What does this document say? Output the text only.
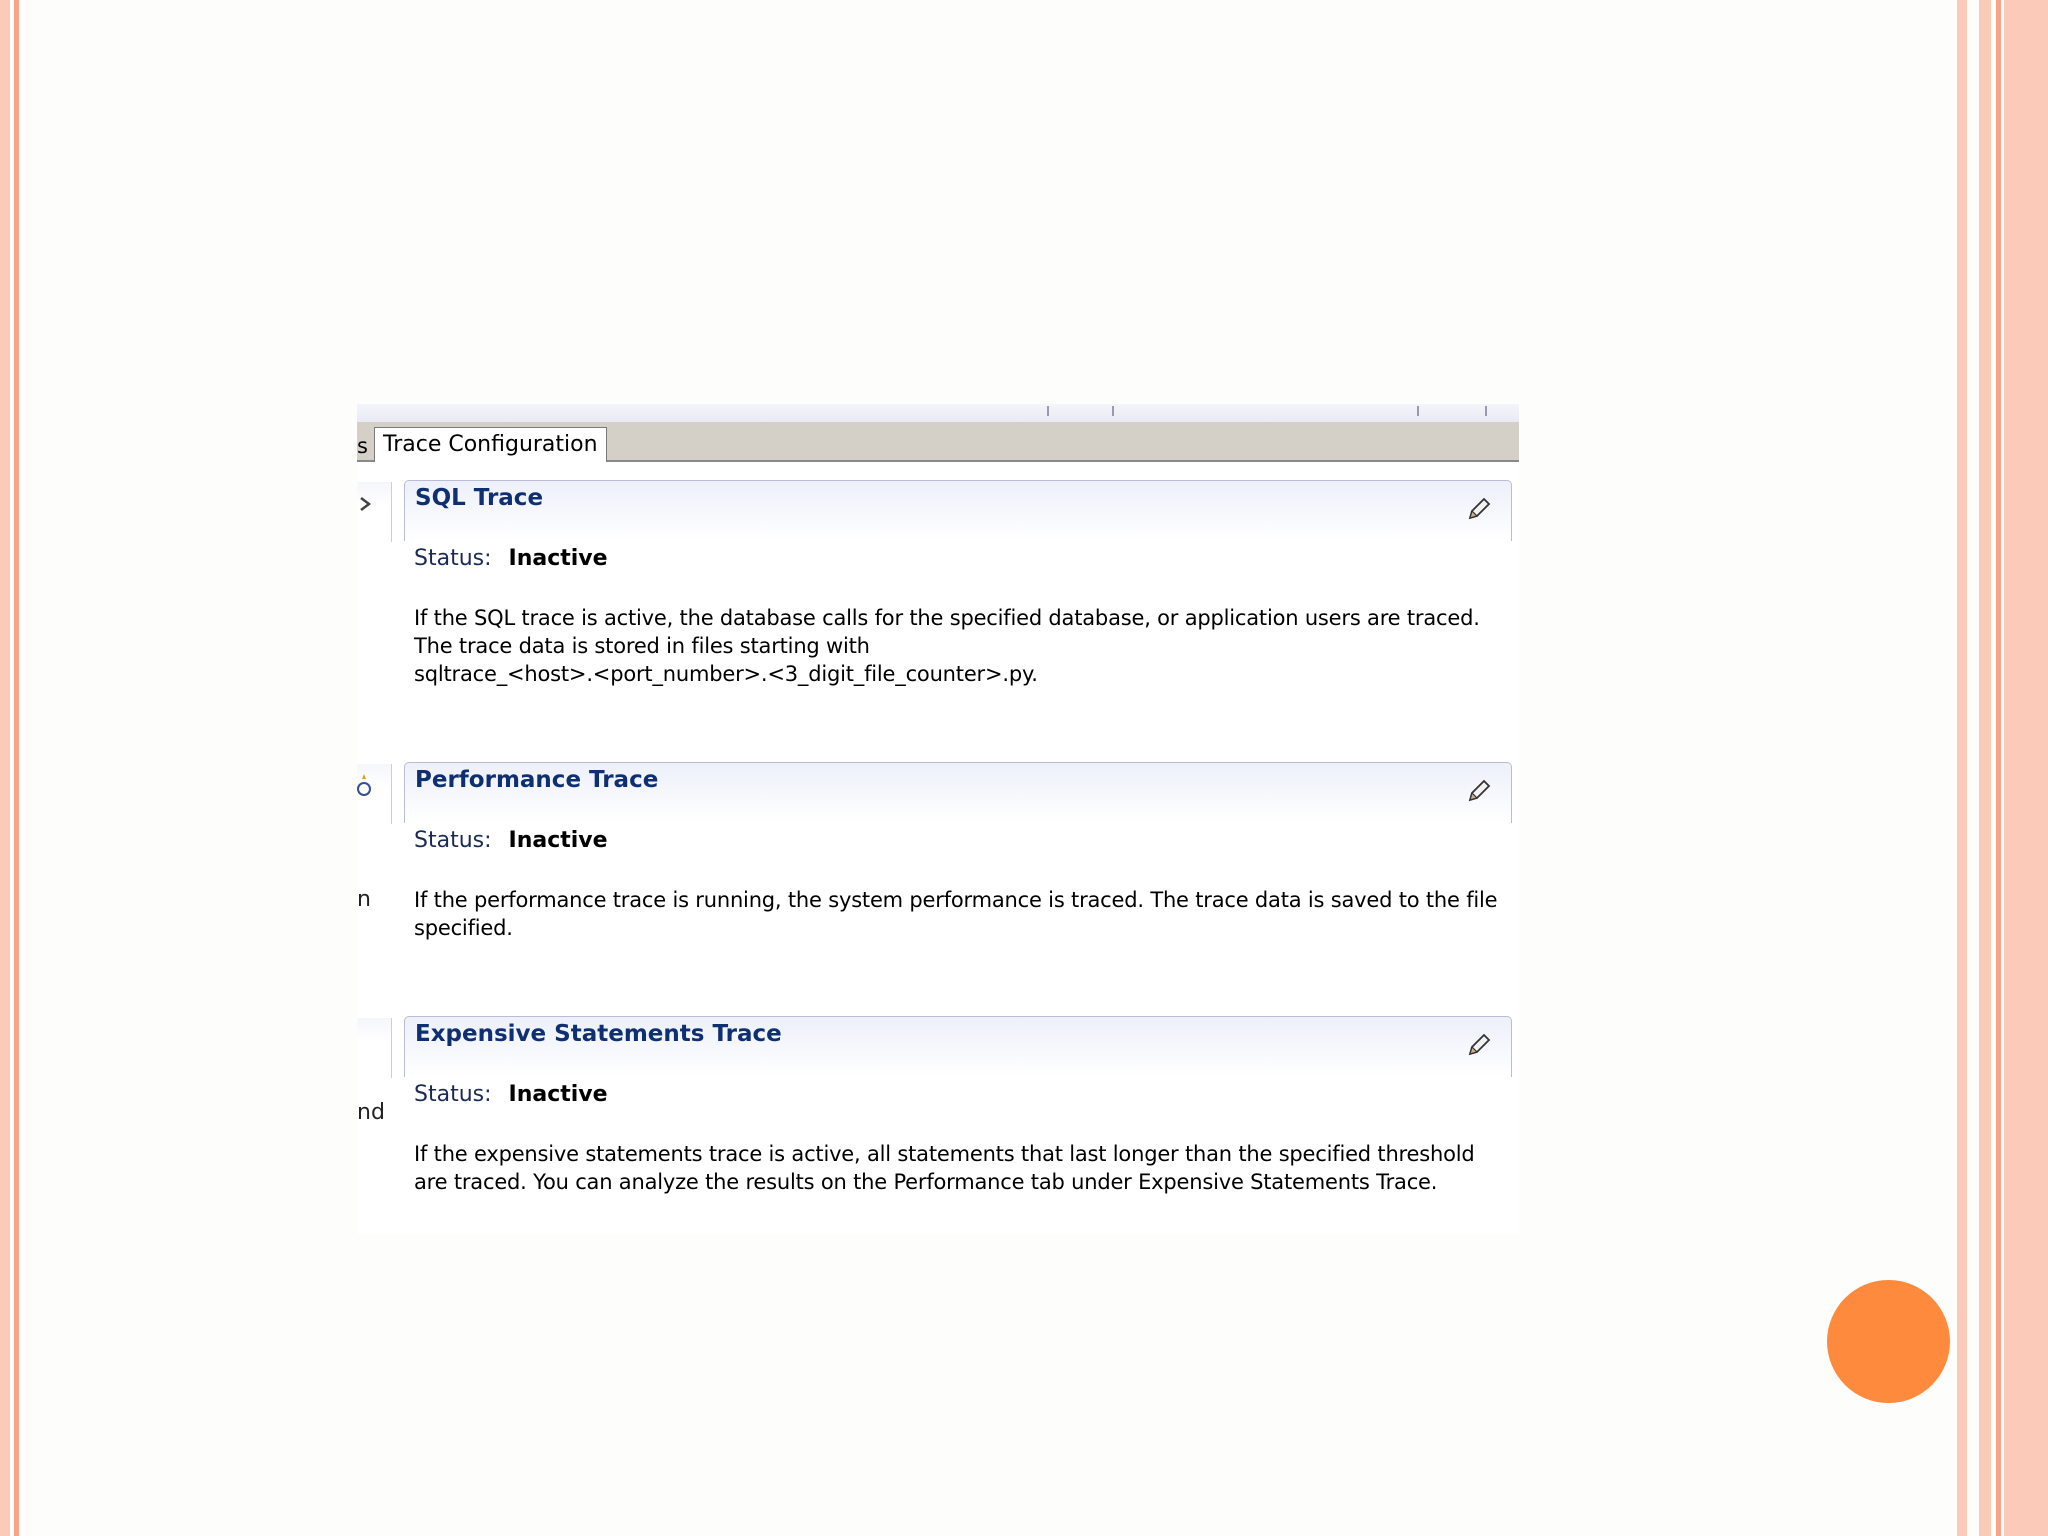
s Trace Configuration
n
nd
SQL Trace
Status: Inactive

If the SQL trace is active, the database calls for the specified database, or application users are traced.

The trace data is stored in files starting with

sqltrace_<host>.<port_number>.<3_digit_file_counter>.py.

Performance Trace
Status: Inactive

If the performance trace is running, the system performance is traced. The trace data is saved to the file

specified.

Expensive Statements Trace
Status: Inactive

If the expensive statements trace is active, all statements that last longer than the specified threshold

are traced. You can analyze the results on the Performance tab under Expensive Statements Trace.
